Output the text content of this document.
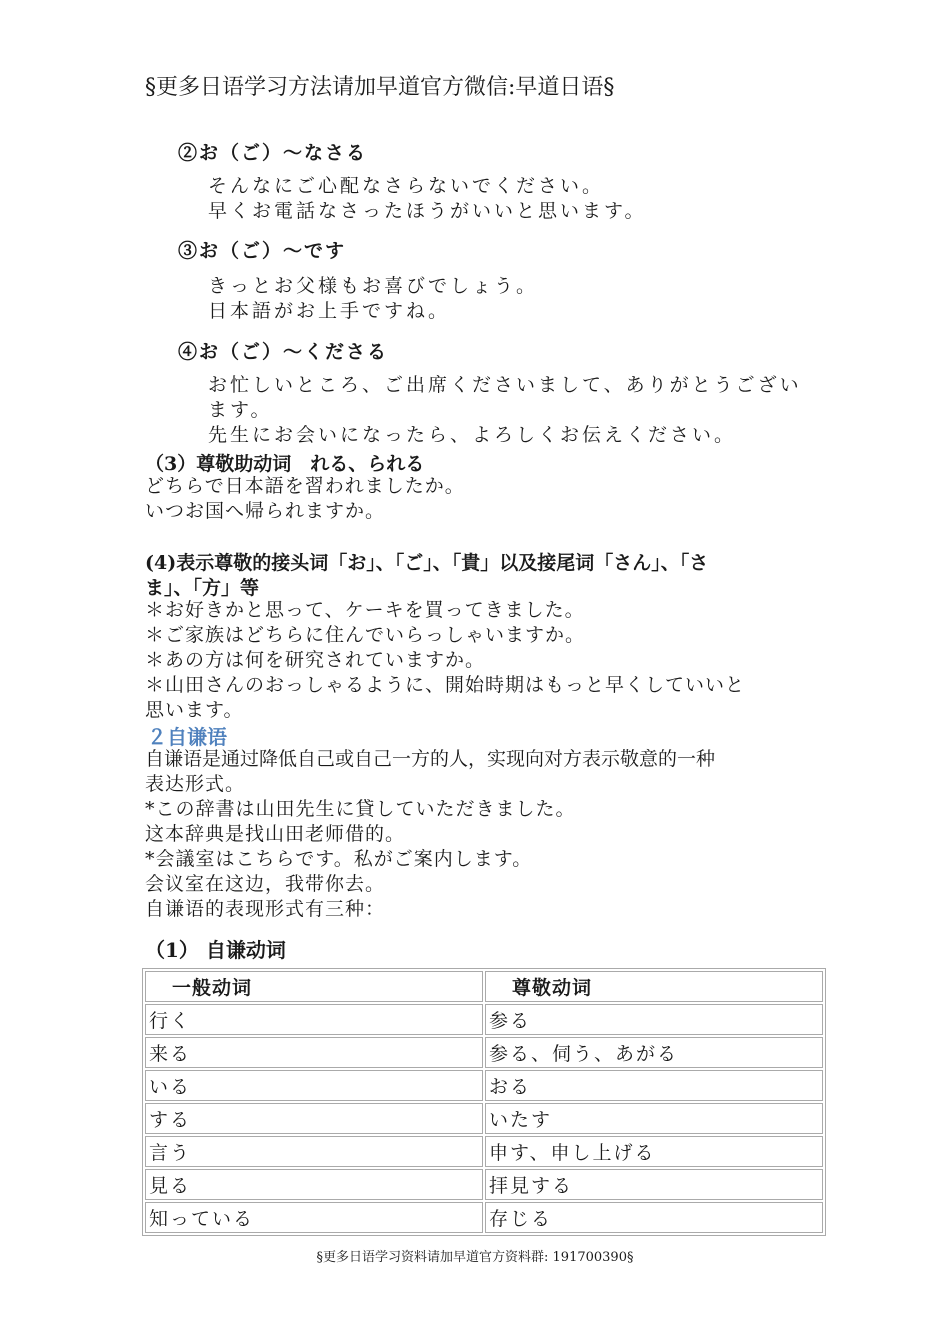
§更多日语学习方法请加早道官方微信:早道日语§
②お（ご）〜なさる
そんなにご心配なさらないでください。
早くお電話なさったほうがいいと思います。
③お（ご）〜です
きっとお父様もお喜びでしょう。
日本語がお上手ですね。
④お（ご）〜くださる
お忙しいところ、ご出席くださいまして、ありがとうござい
ます。
先生にお会いになったら、よろしくお伝えください。
（3）尊敬助动词　れる、られる
どちらで日本語を習われましたか。
いつお国へ帰られますか。
(4)表示尊敬的接头词「お」、「ご」、「貴」以及接尾词「さん」、「さ
ま」、「方」等
＊お好きかと思って、ケーキを買ってきました。
＊ご家族はどちらに住んでいらっしゃいますか。
＊あの方は何を研究されていますか。
＊山田さんのおっしゃるように、開始時期はもっと早くしていいと
思います。
２自谦语
自谦语是通过降低自己或自己一方的人，实现向对方表示敬意的一种
表达形式。
*この辞書は山田先生に貸していただきました。
这本辞典是找山田老师借的。
*会議室はこちらです。私がご案内します。
会议室在这边，我带你去。
自谦语的表现形式有三种：
（1） 自谦动词
一般动词	尊敬动词
行く	参る
来る	参る、伺う、あがる
いる	おる
する	いたす
言う	申す、申し上げる
見る	拝見する
知っている	存じる
§更多日语学习资料请加早道官方资料群: 191700390§
